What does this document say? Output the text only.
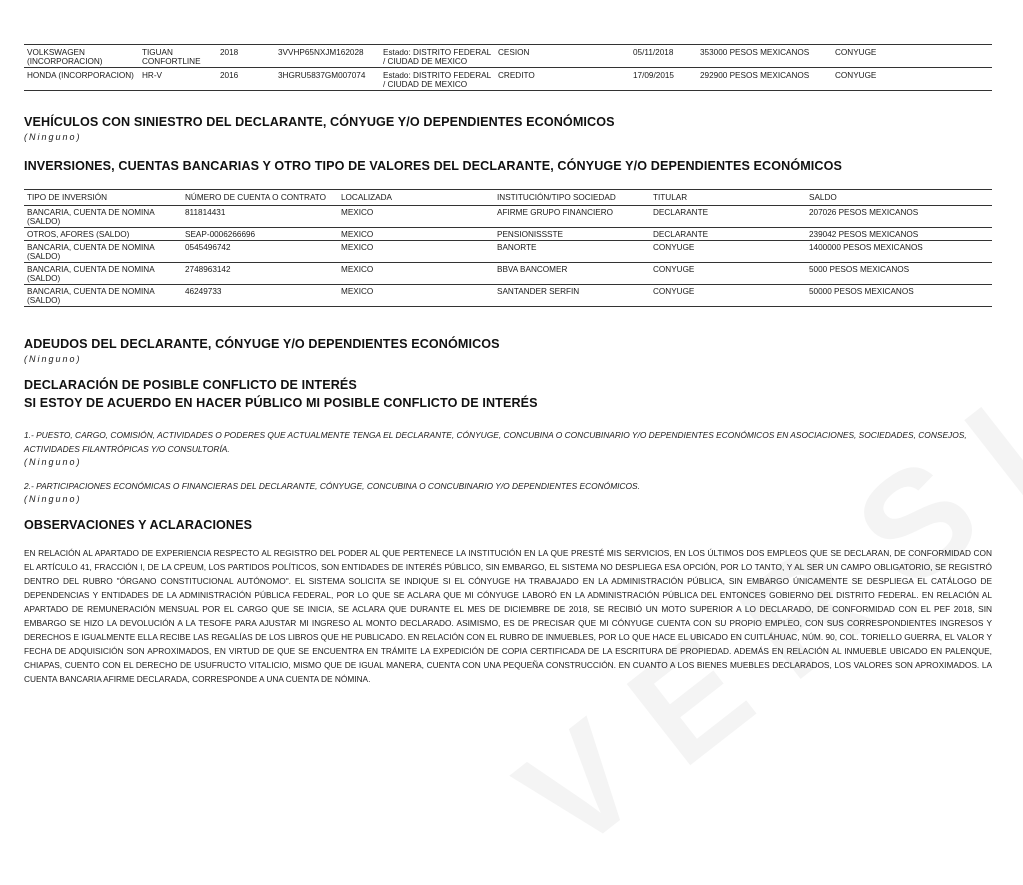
VOLKSWAGEN (INCORPORACION)	TIGUAN CONFORTLINE	2018	3VVHP65NXJM162028	Estado: DISTRITO FEDERAL / CIUDAD DE MEXICO	CESION	05/11/2018	353000 PESOS MEXICANOS	CONYUGE
HONDA (INCORPORACION)	HR-V	2016	3HGRU5837GM007074	Estado: DISTRITO FEDERAL / CIUDAD DE MEXICO	CREDITO	17/09/2015	292900 PESOS MEXICANOS	CONYUGE
VEHÍCULOS CON SINIESTRO DEL DECLARANTE, CÓNYUGE Y/O DEPENDIENTES ECONÓMICOS
(Ninguno)
INVERSIONES, CUENTAS BANCARIAS Y OTRO TIPO DE VALORES DEL DECLARANTE, CÓNYUGE Y/O DEPENDIENTES ECONÓMICOS
TIPO DE INVERSIÓN	NÚMERO DE CUENTA O CONTRATO	LOCALIZADA	INSTITUCIÓN/TIPO SOCIEDAD	TITULAR	SALDO
BANCARIA, CUENTA DE NOMINA (SALDO)	811814431	MEXICO	AFIRME GRUPO FINANCIERO	DECLARANTE	207026 PESOS MEXICANOS
OTROS, AFORES (SALDO)	SEAP-0006266696	MEXICO	PENSIONISSSTE	DECLARANTE	239042 PESOS MEXICANOS
BANCARIA, CUENTA DE NOMINA (SALDO)	0545496742	MEXICO	BANORTE	CONYUGE	1400000 PESOS MEXICANOS
BANCARIA, CUENTA DE NOMINA (SALDO)	2748963142	MEXICO	BBVA BANCOMER	CONYUGE	5000 PESOS MEXICANOS
BANCARIA, CUENTA DE NOMINA (SALDO)	46249733	MEXICO	SANTANDER SERFIN	CONYUGE	50000 PESOS MEXICANOS
ADEUDOS DEL DECLARANTE, CÓNYUGE Y/O DEPENDIENTES ECONÓMICOS
(Ninguno)
DECLARACIÓN DE POSIBLE CONFLICTO DE INTERÉS
SI ESTOY DE ACUERDO EN HACER PÚBLICO MI POSIBLE CONFLICTO DE INTERÉS
1.- PUESTO, CARGO, COMISIÓN, ACTIVIDADES O PODERES QUE ACTUALMENTE TENGA EL DECLARANTE, CÓNYUGE, CONCUBINA O CONCUBINARIO Y/O DEPENDIENTES ECONÓMICOS EN ASOCIACIONES, SOCIEDADES, CONSEJOS, ACTIVIDADES FILANTRÓPICAS Y/O CONSULTORÍA.
(Ninguno)
2.- PARTICIPACIONES ECONÓMICAS O FINANCIERAS DEL DECLARANTE, CÓNYUGE, CONCUBINA O CONCUBINARIO Y/O DEPENDIENTES ECONÓMICOS.
(Ninguno)
OBSERVACIONES Y ACLARACIONES
EN RELACIÓN AL APARTADO DE EXPERIENCIA RESPECTO AL REGISTRO DEL PODER AL QUE PERTENECE LA INSTITUCIÓN EN LA QUE PRESTÉ MIS SERVICIOS, EN LOS ÚLTIMOS DOS EMPLEOS QUE SE DECLARAN, DE CONFORMIDAD CON EL ARTÍCULO 41, FRACCIÓN I, DE LA CPEUM, LOS PARTIDOS POLÍTICOS, SON ENTIDADES DE INTERÉS PÚBLICO, SIN EMBARGO, EL SISTEMA NO DESPLIEGA ESA OPCIÓN, POR LO TANTO, Y AL SER UN CAMPO OBLIGATORIO, SE REGISTRÓ DENTRO DEL RUBRO "ÓRGANO CONSTITUCIONAL AUTÓNOMO". EL SISTEMA SOLICITA SE INDIQUE SI EL CÓNYUGE HA TRABAJADO EN LA ADMINISTRACIÓN PÚBLICA, SIN EMBARGO ÚNICAMENTE SE DESPLIEGA EL CATÁLOGO DE DEPENDENCIAS Y ENTIDADES DE LA ADMINISTRACIÓN PÚBLICA FEDERAL, POR LO QUE SE ACLARA QUE MI CÓNYUGE LABORÓ EN LA ADMINISTRACIÓN PÚBLICA DEL ENTONCES GOBIERNO DEL DISTRITO FEDERAL. EN RELACIÓN AL APARTADO DE REMUNERACIÓN MENSUAL POR EL CARGO QUE SE INICIA, SE ACLARA QUE DURANTE EL MES DE DICIEMBRE DE 2018, SE RECIBIÓ UN MOTO SUPERIOR A LO DECLARADO, DE CONFORMIDAD CON EL PEF 2018, SIN EMBARGO SE HIZO LA DEVOLUCIÓN A LA TESOFE PARA AJUSTAR MI INGRESO AL MONTO DECLARADO. ASIMISMO, ES DE PRECISAR QUE MI CÓNYUGE CUENTA CON SU PROPIO EMPLEO, CON SUS CORRESPONDIENTES INGRESOS Y DERECHOS E IGUALMENTE ELLA RECIBE LAS REGALÍAS DE LOS LIBROS QUE HE PUBLICADO. EN RELACIÓN CON EL RUBRO DE INMUEBLES, POR LO QUE HACE EL UBICADO EN CUITLÁHUAC, NÚM. 90, COL. TORIELLO GUERRA, EL VALOR Y FECHA DE ADQUISICIÓN SON APROXIMADOS, EN VIRTUD DE QUE SE ENCUENTRA EN TRÁMITE LA EXPEDICIÓN DE COPIA CERTIFICADA DE LA ESCRITURA DE PROPIEDAD. ADEMÁS EN RELACIÓN AL INMUEBLE UBICADO EN PALENQUE, CHIAPAS, CUENTO CON EL DERECHO DE USUFRUCTO VITALICIO, MISMO QUE DE IGUAL MANERA, CUENTA CON UNA PEQUEÑA CONSTRUCCIÓN. EN CUANTO A LOS BIENES MUEBLES DECLARADOS, LOS VALORES SON APROXIMADOS. LA CUENTA BANCARIA AFIRME DECLARADA, CORRESPONDE A UNA CUENTA DE NÓMINA.
